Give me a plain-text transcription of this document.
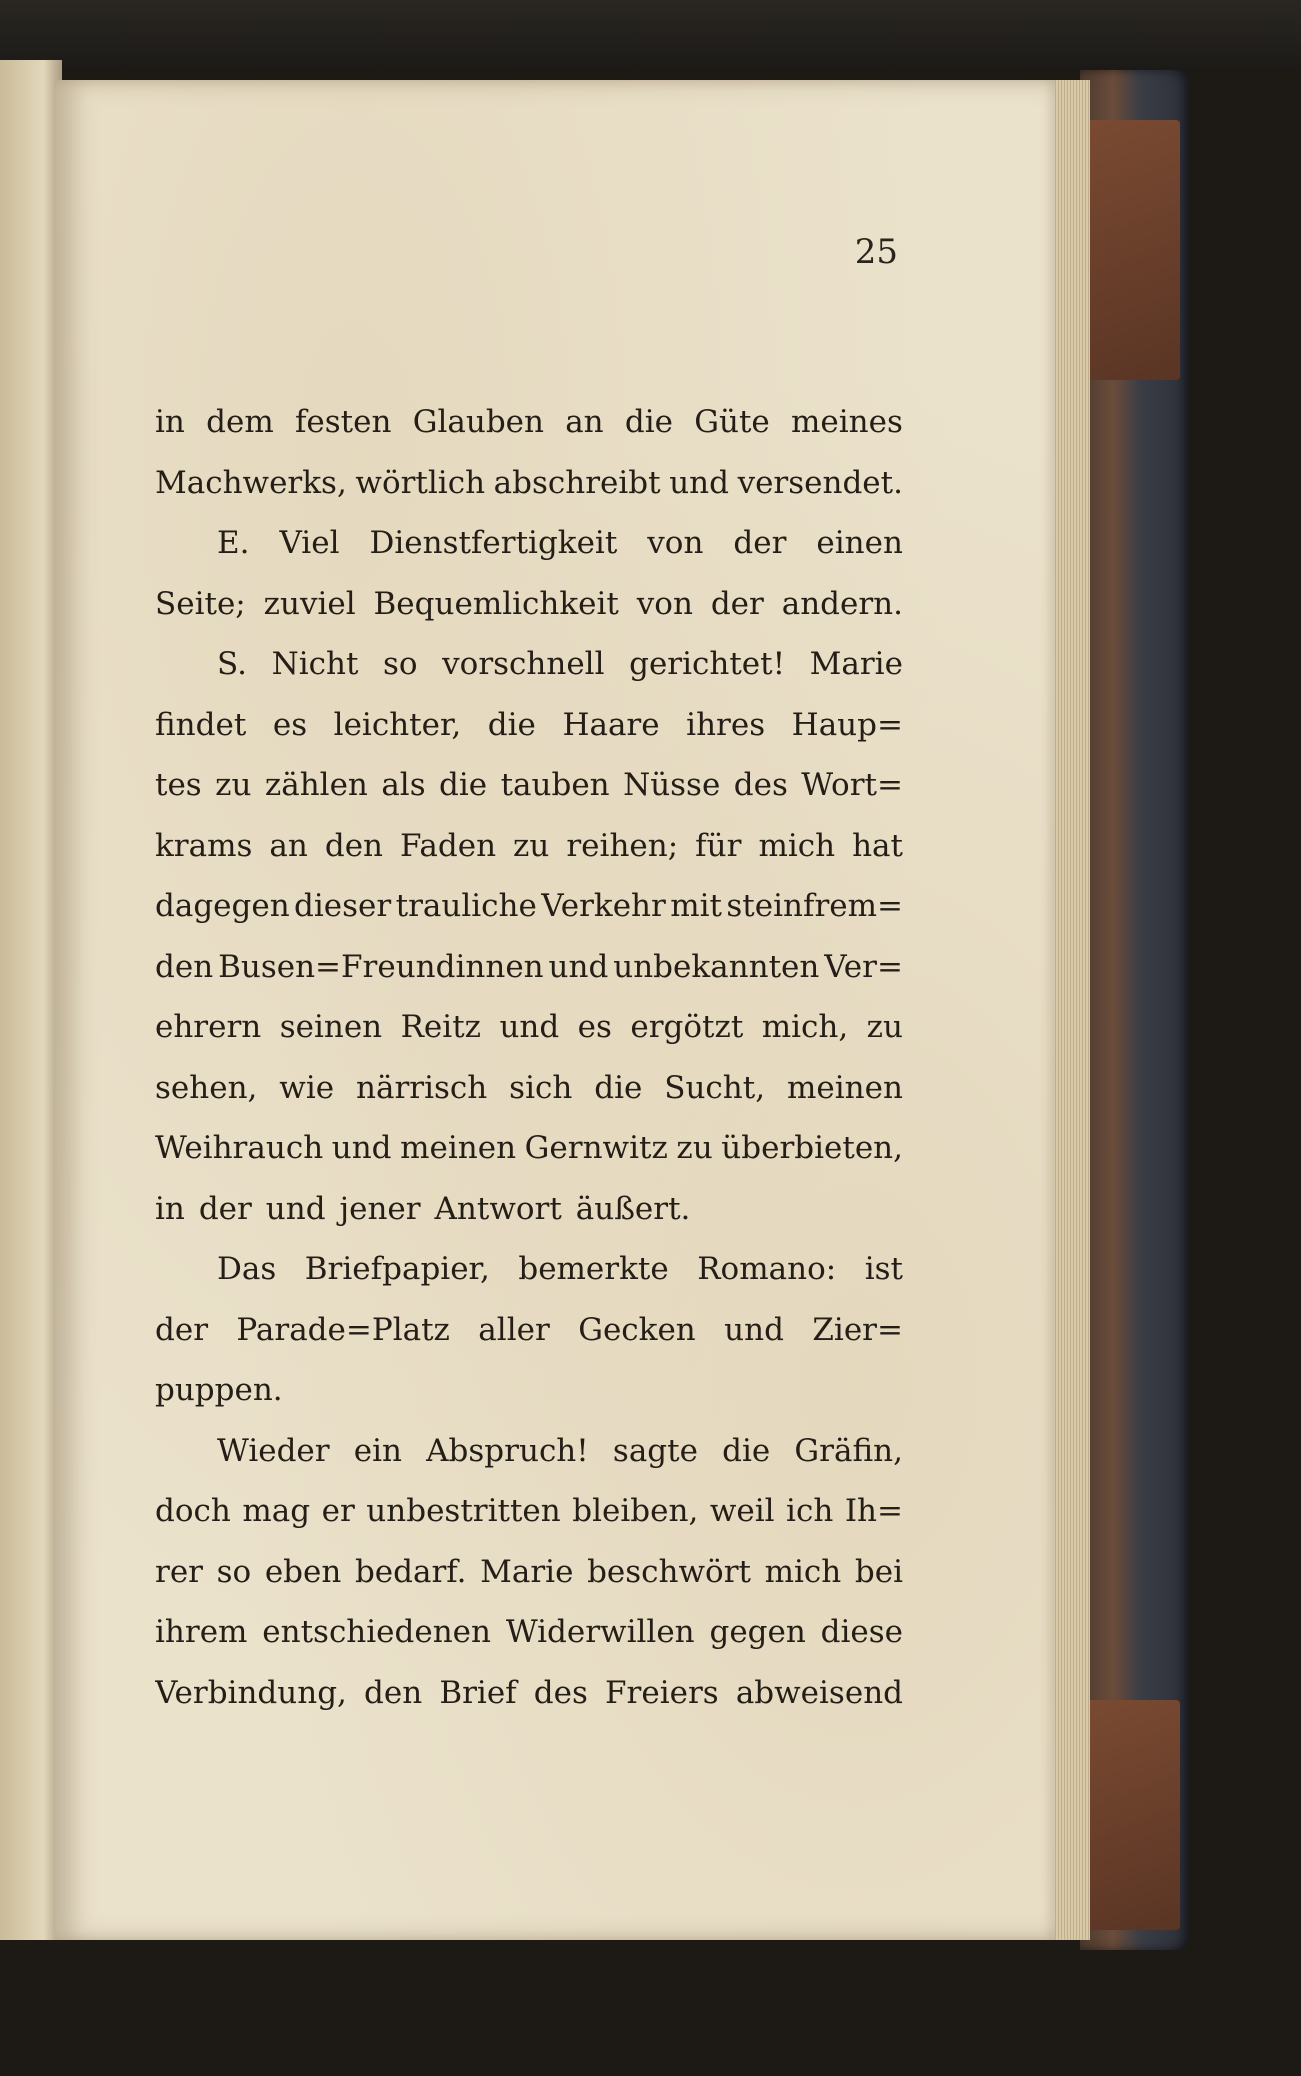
25
in dem festen Glauben an die Güte meines
Machwerks, wörtlich abschreibt und versendet.
E. Viel Dienstfertigkeit von der einen
Seite; zuviel Bequemlichkeit von der andern.
S. Nicht so vorschnell gerichtet! Marie
findet es leichter, die Haare ihres Haup=
tes zu zählen als die tauben Nüsse des Wort=
krams an den Faden zu reihen; für mich hat
dagegen dieser trauliche Verkehr mit steinfrem=
den Busen=Freundinnen und unbekannten Ver=
ehrern seinen Reitz und es ergötzt mich, zu
sehen, wie närrisch sich die Sucht, meinen
Weihrauch und meinen Gernwitz zu überbieten,
in der und jener Antwort äußert.
Das Briefpapier, bemerkte Romano: ist
der Parade=Platz aller Gecken und Zier=
puppen.
Wieder ein Abspruch! sagte die Gräfin,
doch mag er unbestritten bleiben, weil ich Ih=
rer so eben bedarf. Marie beschwört mich bei
ihrem entschiedenen Widerwillen gegen diese
Verbindung, den Brief des Freiers abweisend
